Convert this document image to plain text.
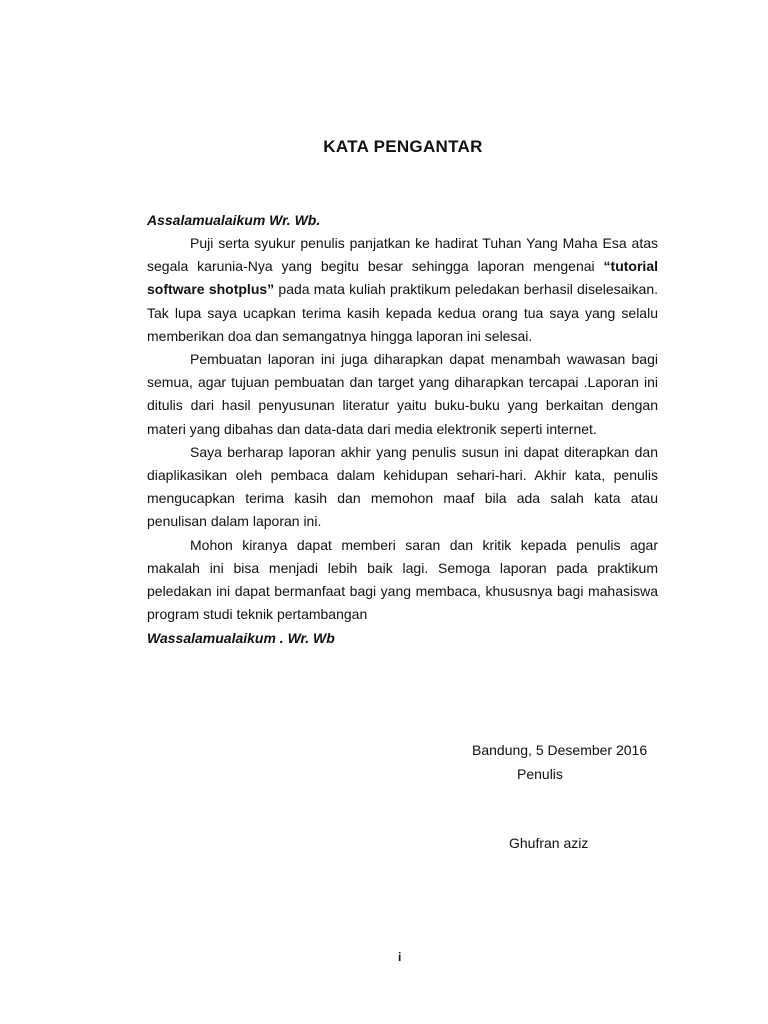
KATA PENGANTAR
Assalamualaikum Wr. Wb.

Puji serta syukur penulis panjatkan ke hadirat Tuhan Yang Maha Esa atas segala karunia-Nya yang begitu besar sehingga laporan mengenai “tutorial software shotplus” pada mata kuliah praktikum peledakan berhasil diselesaikan. Tak lupa saya ucapkan terima kasih kepada kedua orang tua saya yang selalu memberikan doa dan semangatnya hingga laporan ini selesai.

Pembuatan laporan ini juga diharapkan dapat menambah wawasan bagi semua, agar tujuan pembuatan dan target yang diharapkan tercapai .Laporan ini ditulis dari hasil penyusunan literatur yaitu buku-buku yang berkaitan dengan materi yang dibahas dan data-data dari media elektronik seperti internet.

Saya berharap laporan akhir yang penulis susun ini dapat diterapkan dan diaplikasikan oleh pembaca dalam kehidupan sehari-hari. Akhir kata, penulis mengucapkan terima kasih dan memohon maaf bila ada salah kata atau penulisan dalam laporan ini.

Mohon kiranya dapat memberi saran dan kritik kepada penulis agar makalah ini bisa menjadi lebih baik lagi. Semoga laporan pada praktikum peledakan ini dapat bermanfaat bagi yang membaca, khususnya bagi mahasiswa program studi teknik pertambangan

Wassalamualaikum . Wr. Wb
Bandung, 5 Desember 2016
Penulis
Ghufran aziz
i
